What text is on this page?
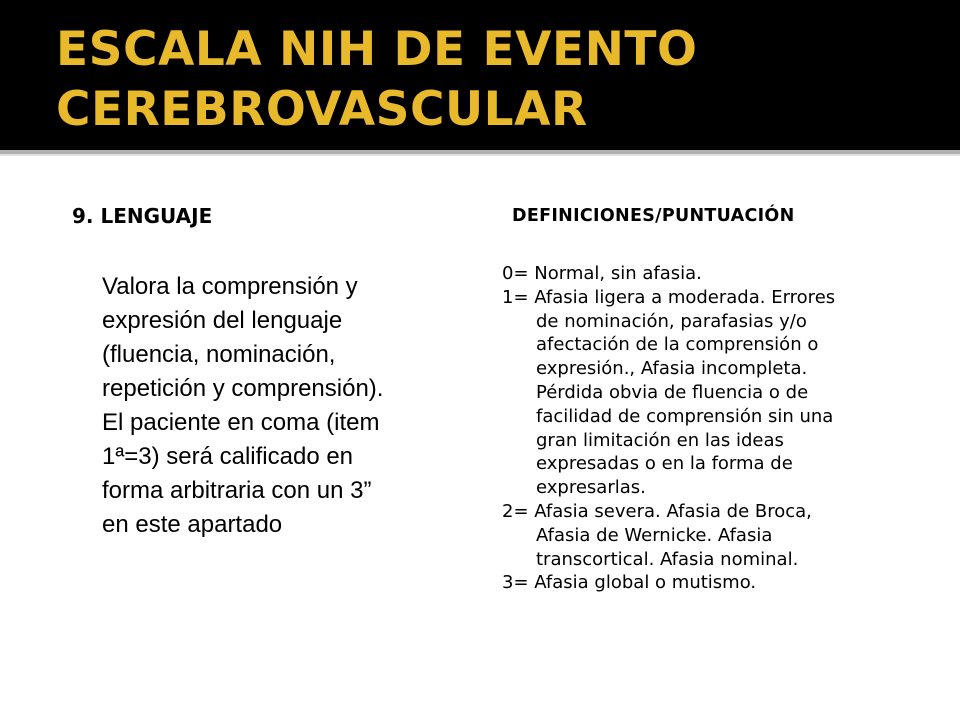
ESCALA NIH DE EVENTO
CEREBROVASCULAR
9. LENGUAJE	DEFINICIONES/PUNTUACIÓN
Valora la comprensión y
expresión del lenguaje
(fluencia, nominación,
repetición y comprensión).
El paciente en coma (item
1ª=3) será calificado en
forma arbitraria con un 3”
en este apartado
0= Normal, sin afasia.
1= Afasia ligera a moderada. Errores
de nominación, parafasias y/o
afectación de la comprensión o
expresión., Afasia incompleta.
Pérdida obvia de fluencia o de
facilidad de comprensión sin una
gran limitación en las ideas
expresadas o en la forma de
expresarlas.
2= Afasia severa. Afasia de Broca,
Afasia de Wernicke. Afasia
transcortical. Afasia nominal.
3= Afasia global o mutismo.
